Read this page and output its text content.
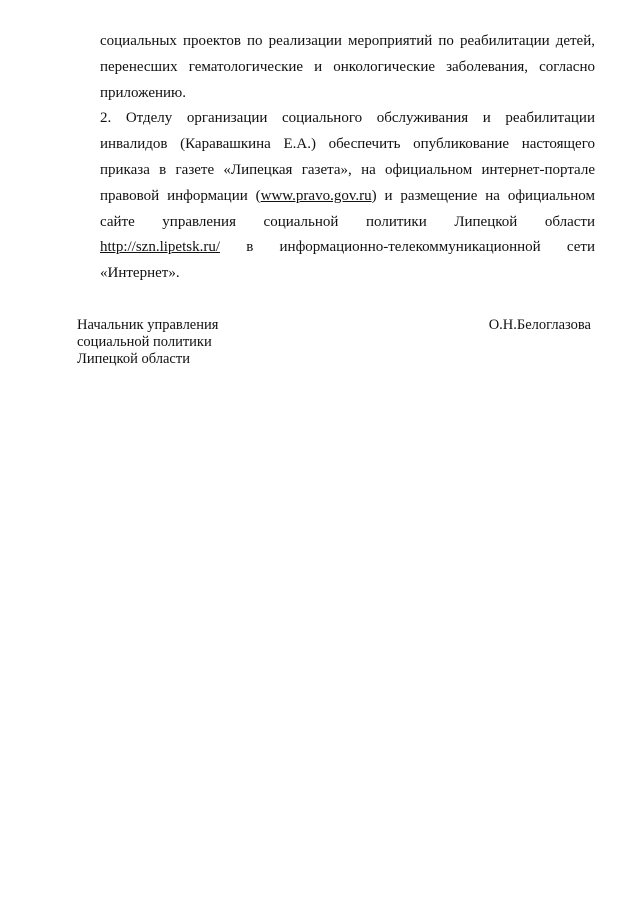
социальных проектов по реализации мероприятий по реабилитации детей,
перенесших гематологические и онкологические заболевания, согласно
приложению.
2. Отделу организации социального обслуживания и реабилитации
инвалидов (Каравашкина Е.А.) обеспечить опубликование настоящего
приказа в газете «Липецкая газета», на официальном интернет-портале
правовой информации (www.pravo.gov.ru) и размещение на официальном
сайте управления социальной политики Липецкой области
http://szn.lipetsk.ru/ в информационно-телекоммуникационной сети
«Интернет».
Начальник управления
социальной политики
Липецкой области
О.Н.Белоглазова
